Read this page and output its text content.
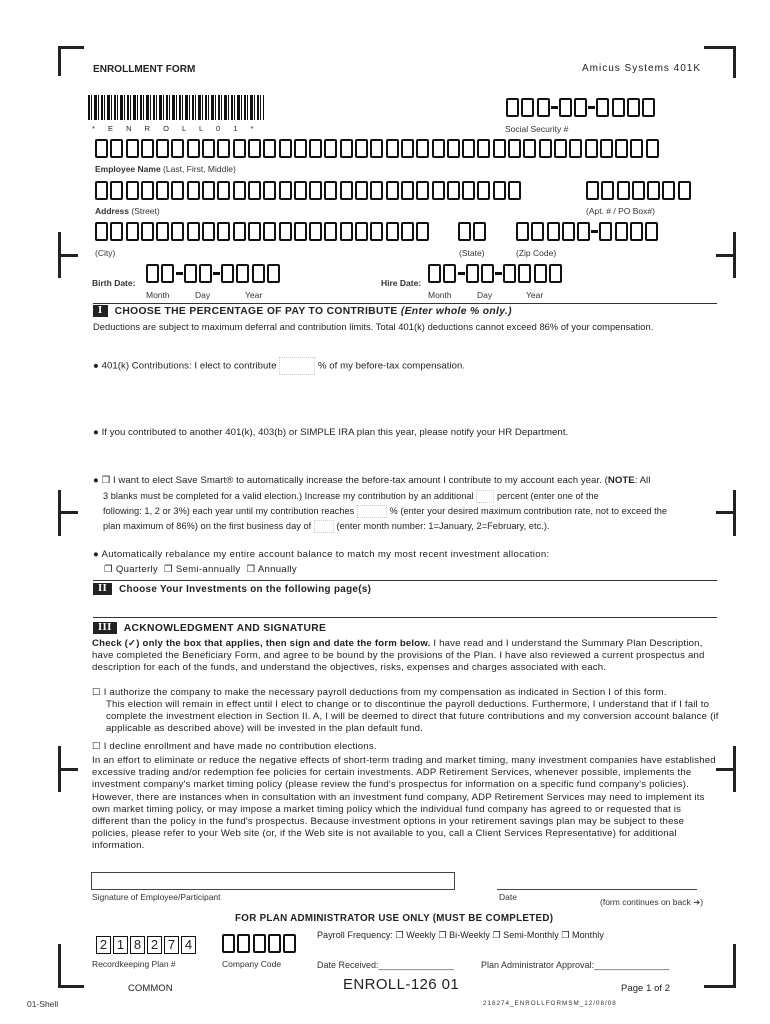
ENROLLMENT FORM	Amicus Systems 401K
* E N R O L L 0 1 *	Social Security #
Employee Name (Last, First, Middle)
Address (Street)	(Apt. # / PO Box#)
(City)	(State)	(Zip Code)
Birth Date:
Month	Day	Year
Hire Date:
Month	Day	Year
I	CHOOSE THE PERCENTAGE OF PAY TO CONTRIBUTE
(Enter whole % only.)
Deductions are subject to maximum deferral and contribution limits. Total 401(k) deductions cannot exceed 86% of your compensation.
● 401(k) Contributions: I elect to contribute	% of my before-tax compensation.
● If you contributed to another 401(k), 403(b) or SIMPLE IRA plan this year, please notify your HR Department.
● ❐ I want to elect Save Smart® to automatically increase the before-tax amount I contribute to my account each year. (NOTE: All
3 blanks must be completed for a valid election.) Increase my contribution by an additional	percent (enter one of the
following: 1, 2 or 3%) each year until my contribution reaches	% (enter your desired maximum contribution rate, not to exceed the
plan maximum of 86%) on the first business day of	(enter month number: 1=January, 2=February, etc.).
● Automatically rebalance my entire account balance to match my most recent investment allocation:
❐ Quarterly ❐ Semi-annually ❐ Annually
II	Choose Your Investments on the following page(s)
III	ACKNOWLEDGMENT AND SIGNATURE
Check (✓) only the box that applies, then sign and date the form below. I have read and I understand the Summary Plan Description, have completed the Beneficiary Form, and agree to be bound by the provisions of the Plan. I have also reviewed a current prospectus and description for each of the funds, and understand the objectives, risks, expenses and charges associated with each.
☐ I authorize the company to make the necessary payroll deductions from my compensation as indicated in Section I of this form.
This election will remain in effect until I elect to change or to discontinue the payroll deductions. Furthermore, I understand that if I fail to complete the investment election in Section II. A, I will be deemed to direct that future contributions and my conversion account balance (if applicable as described above) will be invested in the plan default fund.
☐ I decline enrollment and have made no contribution elections.
In an effort to eliminate or reduce the negative effects of short-term trading and market timing, many investment companies have established excessive trading and/or redemption fee policies for certain investments. ADP Retirement Services, whenever possible, implements the investment company's market timing policy (please review the fund's prospectus for information on a specific fund company's policies). However, there are instances when in consultation with an investment fund company, ADP Retirement Services may need to implement its own market timing policy, or may impose a market timing policy which the individual fund company has agreed to or requested that is different than the policy in the fund's prospectus. Because investment options in your retirement savings plan may be subject to these policies, please refer to your Web site (or, if the Web site is not available to you, call a Client Services Representative) for additional information.
Signature of Employee/Participant	Date	(form continues on back ➔)
FOR PLAN ADMINISTRATOR USE ONLY (MUST BE COMPLETED)
Payroll Frequency: ❐ Weekly ❐ Bi-Weekly ❐ Semi-Monthly ❐ Monthly
2 1 8 2 7 4
Recordkeeping Plan #	Company Code	Date Received:_______________	Plan Administrator Approval:_______________
01-Shell
COMMON	ENROLL-126 01	Page 1 of 2
218274_ENROLLFORMSM_12/08/08
